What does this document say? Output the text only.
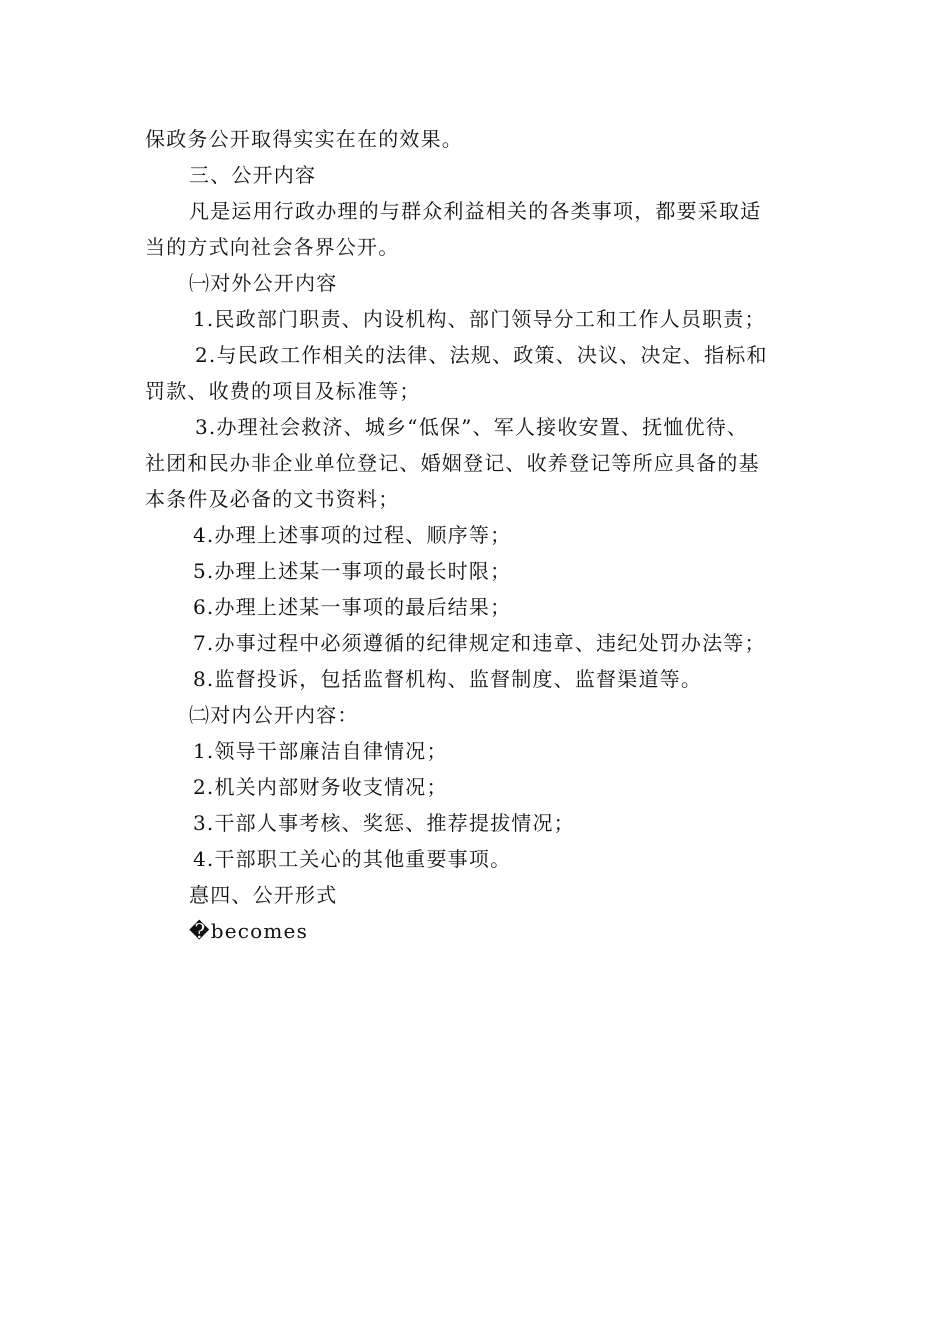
保政务公开取得实实在在的效果。
三、公开内容
凡是运用行政办理的与群众利益相关的各类事项，都要采取适
当的方式向社会各界公开。
㈠对外公开内容
1.民政部门职责、内设机构、部门领导分工和工作人员职责；
2.与民政工作相关的法律、法规、政策、决议、决定、指标和
罚款、收费的项目及标准等；
3.办理社会救济、城乡“低保”、军人接收安置、抚恤优待、
社团和民办非企业单位登记、婚姻登记、收养登记等所应具备的基
本条件及必备的文书资料；
4.办理上述事项的过程、顺序等；
5.办理上述某一事项的最长时限；
6.办理上述某一事项的最后结果；
7.办事过程中必须遵循的纪律规定和违章、违纪处罚办法等；
8.监督投诉，包括监督机构、监督制度、监督渠道等。
㈡对内公开内容：
1.领导干部廉洁自律情况；
2.机关内部财务收支情况；
3.干部人事考核、奖惩、推荐提拔情况；
4.干部职工关心的其他重要事项。
惪四、公开形式
�becomes
